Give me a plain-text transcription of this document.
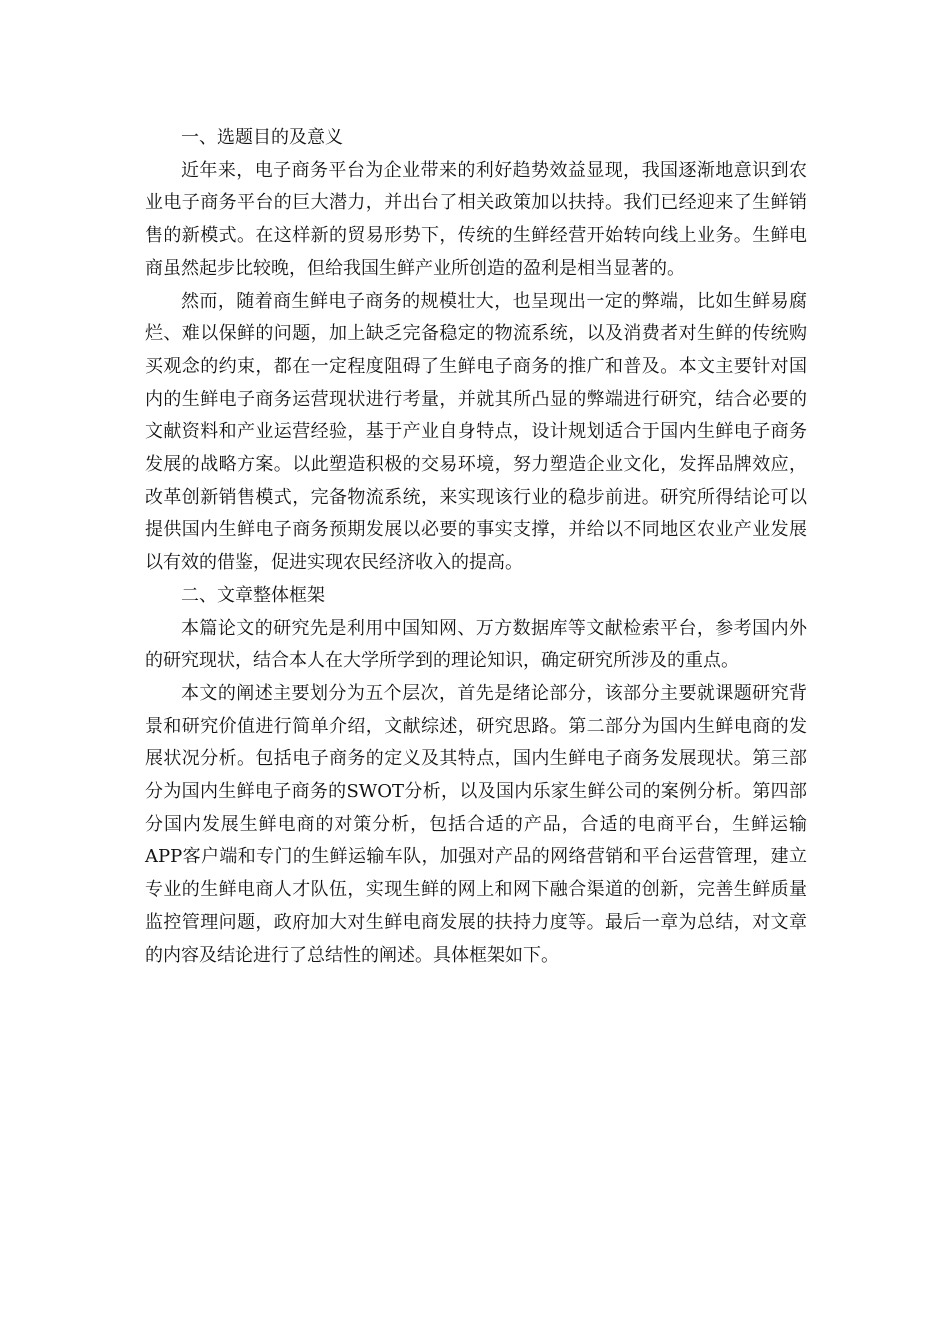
一、选题目的及意义

近年来，电子商务平台为企业带来的利好趋势效益显现，我国逐渐地意识到农业电子商务平台的巨大潜力，并出台了相关政策加以扶持。我们已经迎来了生鲜销售的新模式。在这样新的贸易形势下，传统的生鲜经营开始转向线上业务。生鲜电商虽然起步比较晚，但给我国生鲜产业所创造的盈利是相当显著的。

然而，随着商生鲜电子商务的规模壮大，也呈现出一定的弊端，比如生鲜易腐烂、难以保鲜的问题，加上缺乏完备稳定的物流系统，以及消费者对生鲜的传统购买观念的约束，都在一定程度阻碍了生鲜电子商务的推广和普及。本文主要针对国内的生鲜电子商务运营现状进行考量，并就其所凸显的弊端进行研究，结合必要的文献资料和产业运营经验，基于产业自身特点，设计规划适合于国内生鲜电子商务发展的战略方案。以此塑造积极的交易环境，努力塑造企业文化，发挥品牌效应，改革创新销售模式，完备物流系统，来实现该行业的稳步前进。研究所得结论可以提供国内生鲜电子商务预期发展以必要的事实支撑，并给以不同地区农业产业发展以有效的借鉴，促进实现农民经济收入的提高。

二、文章整体框架

本篇论文的研究先是利用中国知网、万方数据库等文献检索平台，参考国内外的研究现状，结合本人在大学所学到的理论知识，确定研究所涉及的重点。

本文的阐述主要划分为五个层次，首先是绪论部分，该部分主要就课题研究背景和研究价值进行简单介绍，文献综述，研究思路。第二部分为国内生鲜电商的发展状况分析。包括电子商务的定义及其特点，国内生鲜电子商务发展现状。第三部分为国内生鲜电子商务的SWOT分析，以及国内乐家生鲜公司的案例分析。第四部分国内发展生鲜电商的对策分析，包括合适的产品，合适的电商平台，生鲜运输APP客户端和专门的生鲜运输车队，加强对产品的网络营销和平台运营管理，建立专业的生鲜电商人才队伍，实现生鲜的网上和网下融合渠道的创新，完善生鲜质量监控管理问题，政府加大对生鲜电商发展的扶持力度等。最后一章为总结，对文章的内容及结论进行了总结性的阐述。具体框架如下。
